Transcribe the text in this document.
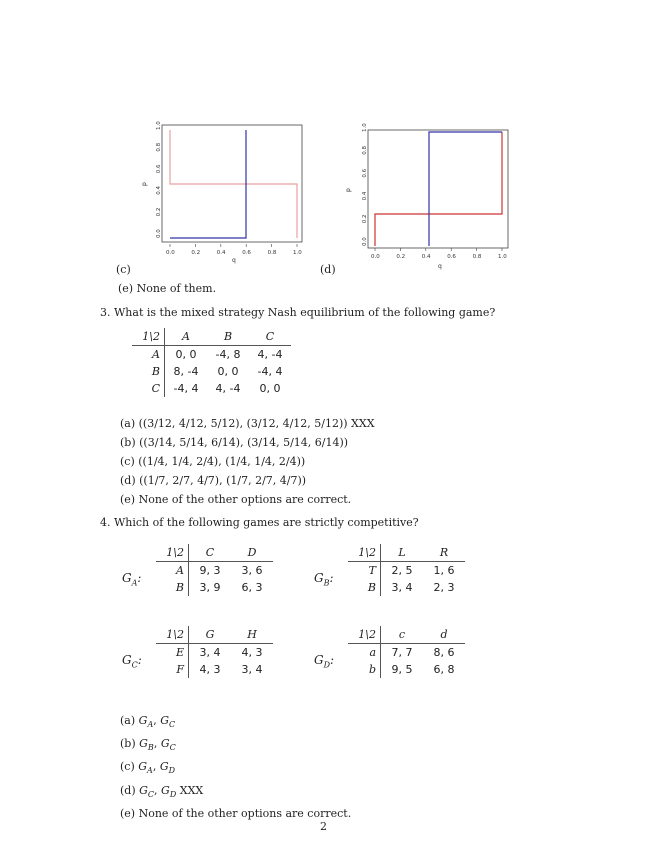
0.0	0.2	0.4	0.6	0.8	1.0
0.0
0.2
0.4
0.6
0.8
1.0
q
p
(c)
0.0	0.2	0.4	0.6	0.8	1.0
0.0
0.2
0.4
0.6
0.8
1.0
q
p
(d)
(e) None of them.
3. What is the mixed strategy Nash equilibrium of the following game?
1\2	A	B	C
A	0, 0	-4, 8	4, -4
B	8, -4	0, 0	-4, 4
C	-4, 4	4, -4	0, 0
(a) ((3/12, 4/12, 5/12), (3/12, 4/12, 5/12)) XXX
(b) ((3/14, 5/14, 6/14), (3/14, 5/14, 6/14))
(c) ((1/4, 1/4, 2/4), (1/4, 1/4, 2/4))
(d) ((1/7, 2/7, 4/7), (1/7, 2/7, 4/7))
(e) None of the other options are correct.
4. Which of the following games are strictly competitive?
$G_A$:
1\2	C	D
A	9, 3	3, 6
B	3, 9	6, 3
$G_B$:
1\2	L	R
T	2, 5	1, 6
B	3, 4	2, 3
$G_C$:
1\2	G	H
E	3, 4	4, 3
F	4, 3	3, 4
$G_D$:
1\2	c	d
a	7, 7	8, 6
b	9, 5	6, 8
(a) $G_A$, $G_C$
(b) $G_B$, $G_C$
(c) $G_A$, $G_D$
(d) $G_C$, $G_D$ XXX
(e) None of the other options are correct.
2
